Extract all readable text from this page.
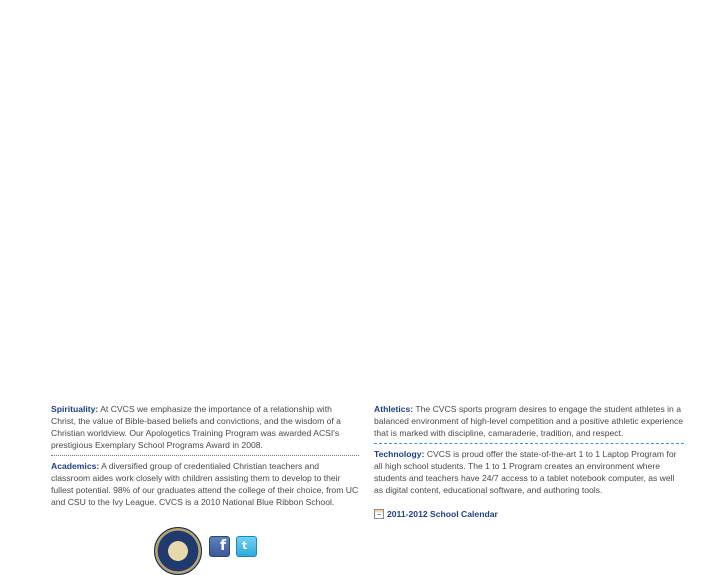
Spirituality: At CVCS we emphasize the importance of a relationship with Christ, the value of Bible-based beliefs and convictions, and the wisdom of a Christian worldview. Our Apologetics Training Program was awarded ACSI's prestigious Exemplary School Programs Award in 2008.

Academics: A diversified group of credentialed Christian teachers and classroom aides work closely with children assisting them to develop to their fullest potential. 98% of our graduates attend the college of their choice, from UC and CSU to the Ivy League. CVCS is a 2010 National Blue Ribbon School.

Athletics: The CVCS sports program desires to engage the student athletes in a balanced environment of high-level competition and a positive athletic experience that is marked with discipline, camaraderie, tradition, and respect.

Technology: CVCS is proud offer the state-of-the-art 1 to 1 Laptop Program for all high school students. The 1 to 1 Program creates an environment where students and teachers have 24/7 access to a tablet notebook computer, as well as digital content, educational software, and authoring tools.

2011-2012 School Calendar
f t
